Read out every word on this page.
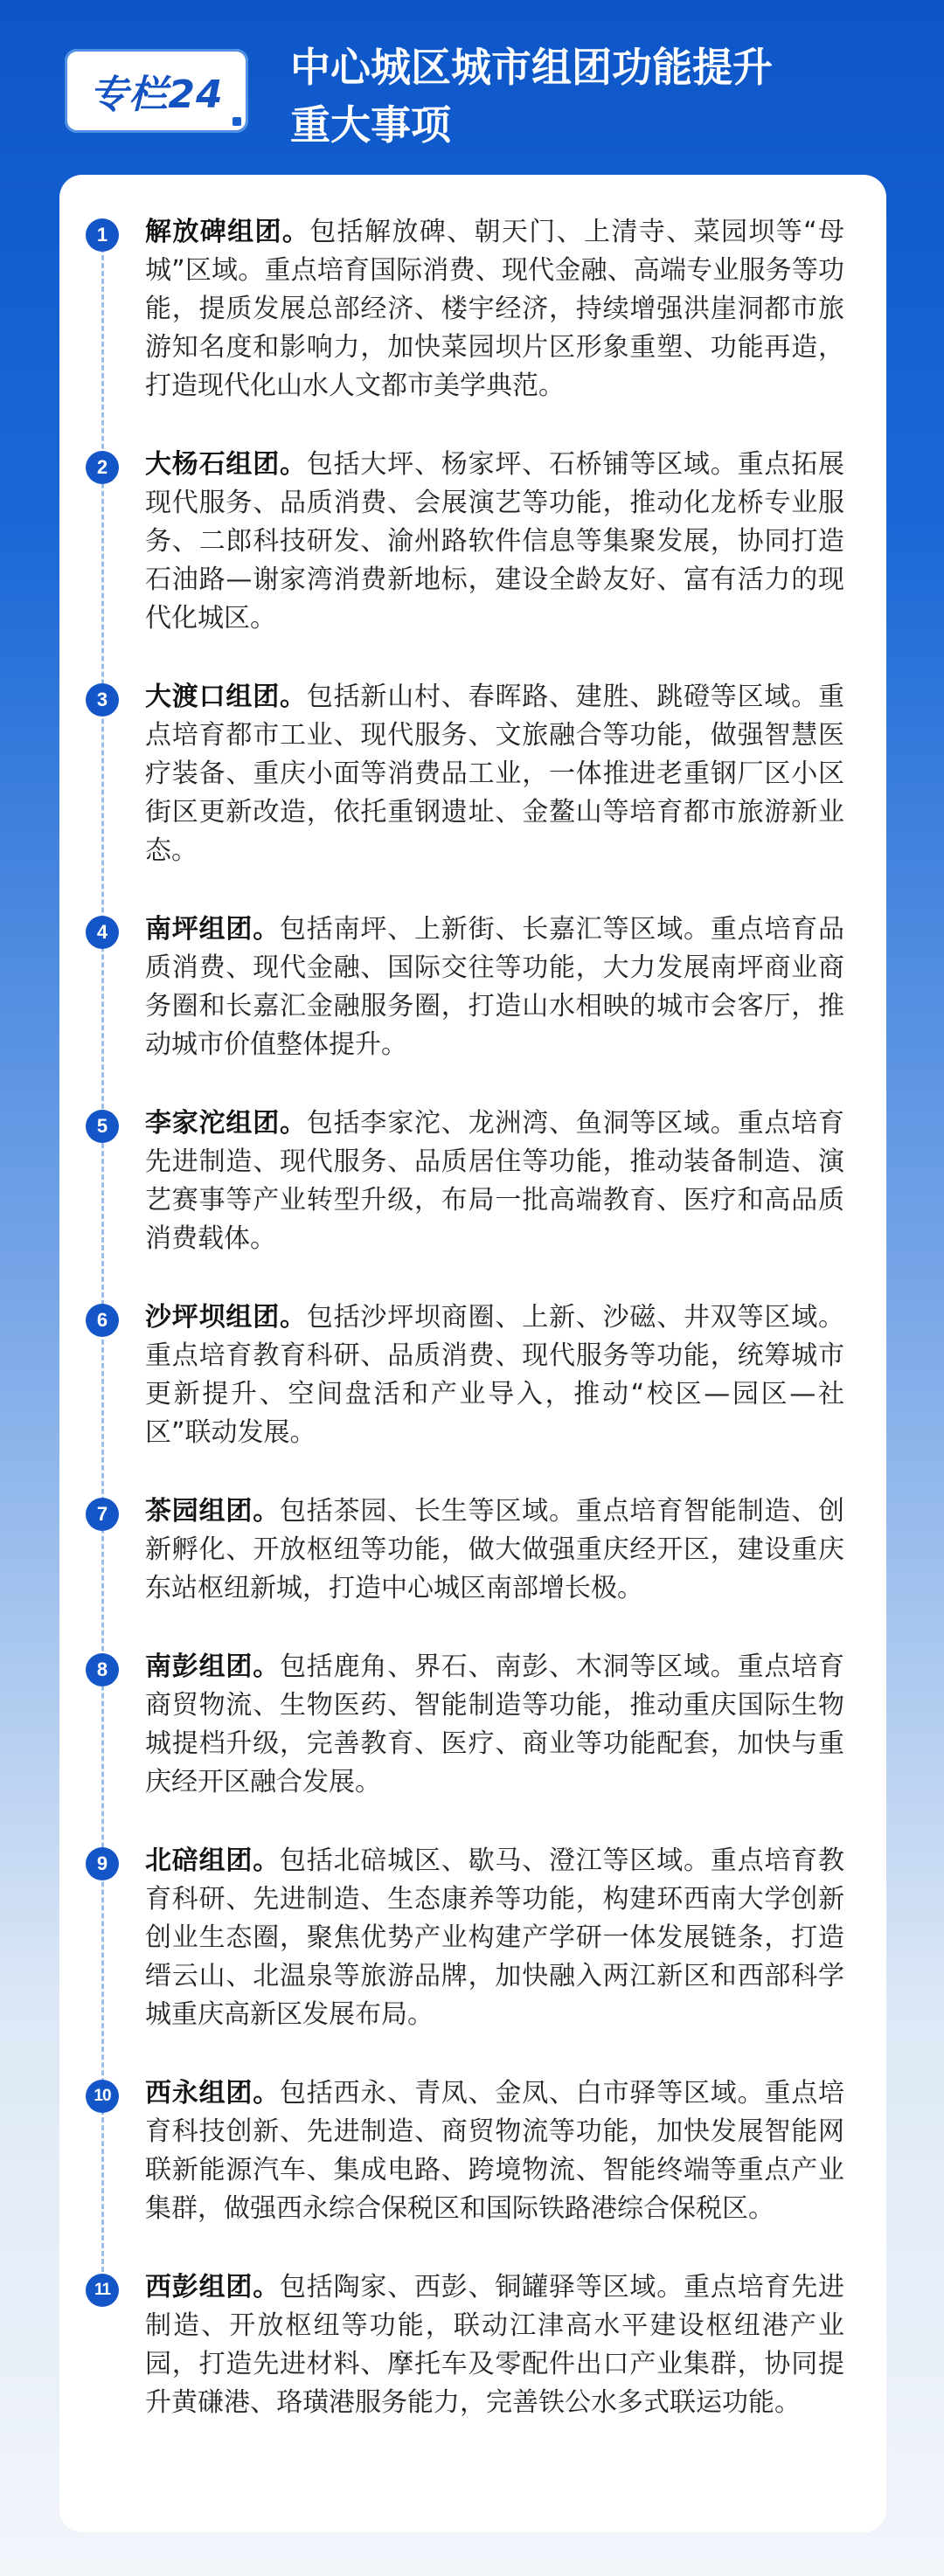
专栏24
中心城区城市组团功能提升
重大事项
1	解放碑组团。包括解放碑、朝天门、上清寺、菜园坝等“母城”区域。重点培育国际消费、现代金融、高端专业服务等功能，提质发展总部经济、楼宇经济，持续增强洪崖洞都市旅游知名度和影响力，加快菜园坝片区形象重塑、功能再造，打造现代化山水人文都市美学典范。
2	大杨石组团。包括大坪、杨家坪、石桥铺等区域。重点拓展现代服务、品质消费、会展演艺等功能，推动化龙桥专业服务、二郎科技研发、渝州路软件信息等集聚发展，协同打造石油路—谢家湾消费新地标，建设全龄友好、富有活力的现代化城区。
3	大渡口组团。包括新山村、春晖路、建胜、跳磴等区域。重点培育都市工业、现代服务、文旅融合等功能，做强智慧医疗装备、重庆小面等消费品工业，一体推进老重钢厂区小区街区更新改造，依托重钢遗址、金鳌山等培育都市旅游新业态。
4	南坪组团。包括南坪、上新街、长嘉汇等区域。重点培育品质消费、现代金融、国际交往等功能，大力发展南坪商业商务圈和长嘉汇金融服务圈，打造山水相映的城市会客厅，推动城市价值整体提升。
5	李家沱组团。包括李家沱、龙洲湾、鱼洞等区域。重点培育先进制造、现代服务、品质居住等功能，推动装备制造、演艺赛事等产业转型升级，布局一批高端教育、医疗和高品质消费载体。
6	沙坪坝组团。包括沙坪坝商圈、上新、沙磁、井双等区域。重点培育教育科研、品质消费、现代服务等功能，统筹城市更新提升、空间盘活和产业导入，推动“校区—园区—社区”联动发展。
7	茶园组团。包括茶园、长生等区域。重点培育智能制造、创新孵化、开放枢纽等功能，做大做强重庆经开区，建设重庆东站枢纽新城，打造中心城区南部增长极。
8	南彭组团。包括鹿角、界石、南彭、木洞等区域。重点培育商贸物流、生物医药、智能制造等功能，推动重庆国际生物城提档升级，完善教育、医疗、商业等功能配套，加快与重庆经开区融合发展。
9	北碚组团。包括北碚城区、歇马、澄江等区域。重点培育教育科研、先进制造、生态康养等功能，构建环西南大学创新创业生态圈，聚焦优势产业构建产学研一体发展链条，打造缙云山、北温泉等旅游品牌，加快融入两江新区和西部科学城重庆高新区发展布局。
10	西永组团。包括西永、青凤、金凤、白市驿等区域。重点培育科技创新、先进制造、商贸物流等功能，加快发展智能网联新能源汽车、集成电路、跨境物流、智能终端等重点产业集群，做强西永综合保税区和国际铁路港综合保税区。
11	西彭组团。包括陶家、西彭、铜罐驿等区域。重点培育先进制造、开放枢纽等功能，联动江津高水平建设枢纽港产业园，打造先进材料、摩托车及零配件出口产业集群，协同提升黄磏港、珞璜港服务能力，完善铁公水多式联运功能。
